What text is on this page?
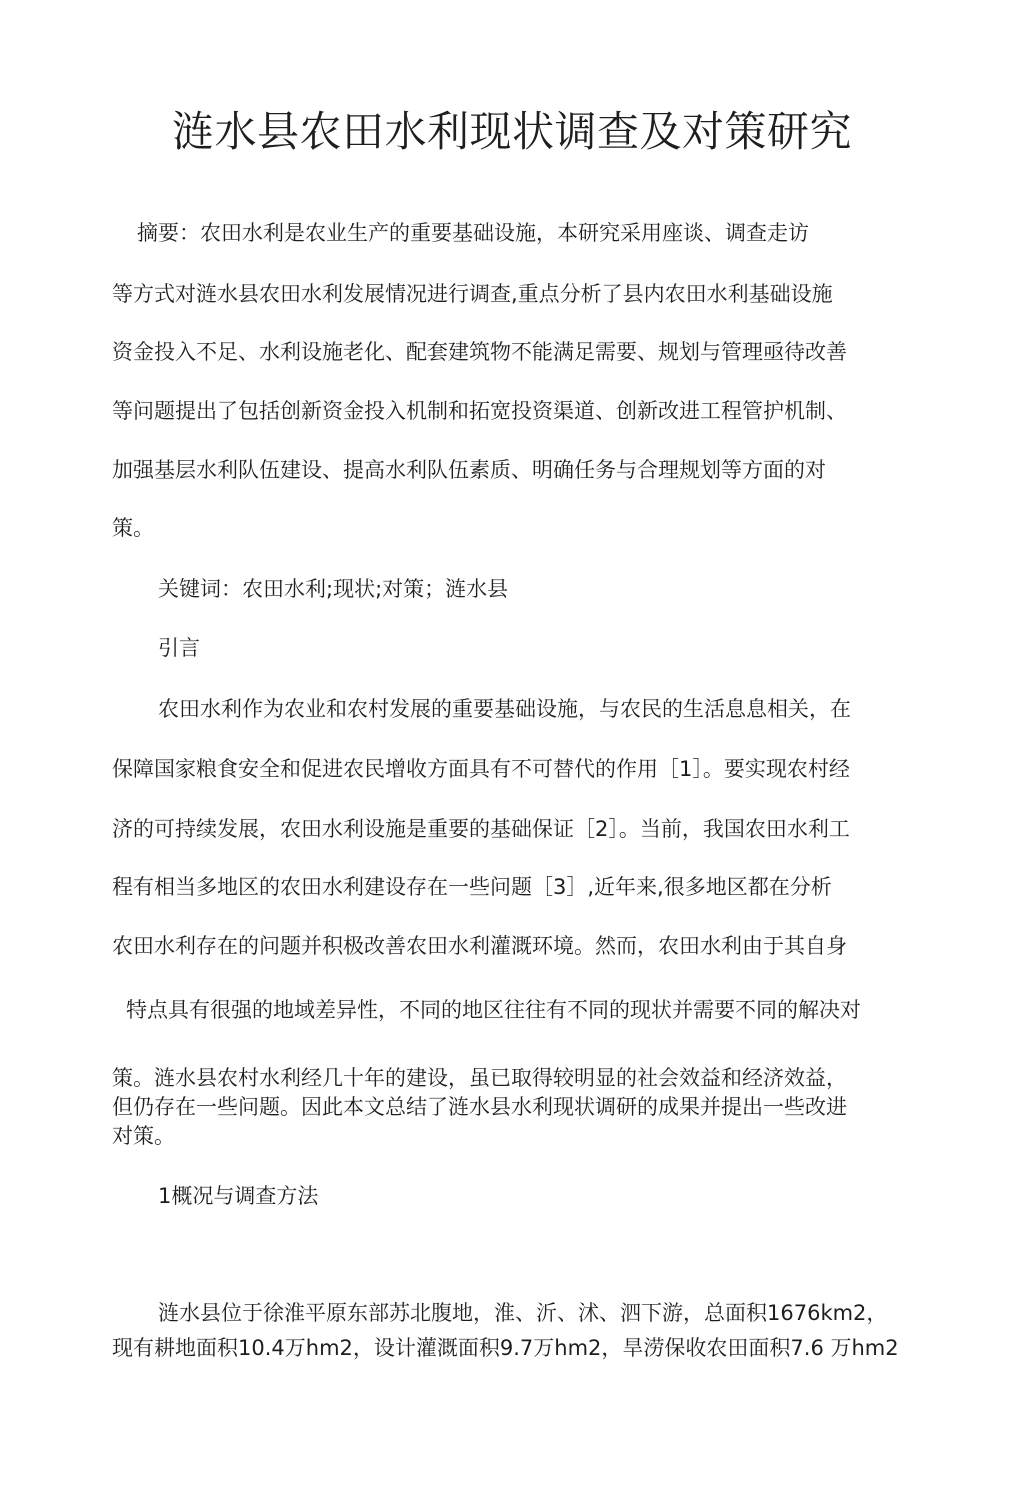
涟水县农田水利现状调查及对策研究

摘要：农田水利是农业生产的重要基础设施，本研究采用座谈、调查走访

等方式对涟水县农田水利发展情况进行调查,重点分析了县内农田水利基础设施

资金投入不足、水利设施老化、配套建筑物不能满足需要、规划与管理亟待改善

等问题提出了包括创新资金投入机制和拓宽投资渠道、创新改进工程管护机制、

加强基层水利队伍建设、提高水利队伍素质、明确任务与合理规划等方面的对

策。

关键词：农田水利;现状;对策；涟水县

引言

农田水利作为农业和农村发展的重要基础设施，与农民的生活息息相关，在

保障国家粮食安全和促进农民增收方面具有不可替代的作用［1］。要实现农村经

济的可持续发展，农田水利设施是重要的基础保证［2］。当前，我国农田水利工

程有相当多地区的农田水利建设存在一些问题［3］,近年来,很多地区都在分析

农田水利存在的问题并积极改善农田水利灌溉环境。然而，农田水利由于其自身

特点具有很强的地域差异性，不同的地区往往有不同的现状并需要不同的解决对

策。涟水县农村水利经几十年的建设，虽已取得较明显的社会效益和经济效益，
但仍存在一些问题。因此本文总结了涟水县水利现状调研的成果并提出一些改进
对策。

1概况与调查方法

涟水县位于徐淮平原东部苏北腹地，淮、沂、沭、泗下游，总面积1676km2，

现有耕地面积10.4万hm2，设计灌溉面积9.7万hm2，旱涝保收农田面积7.6 万hm2
